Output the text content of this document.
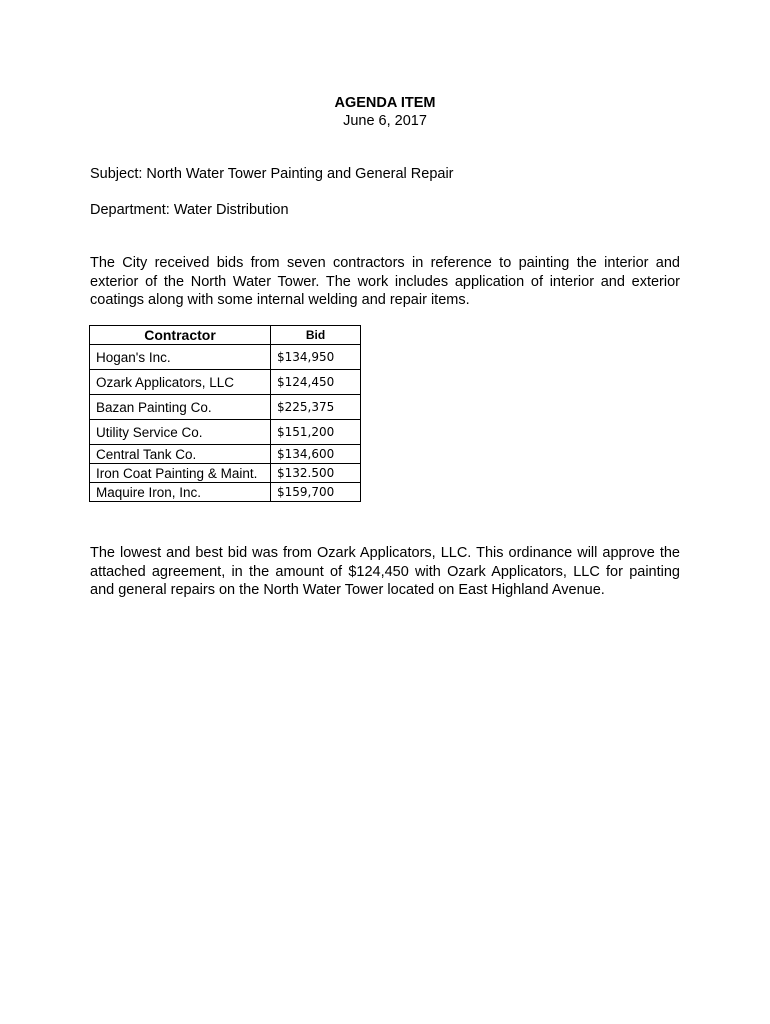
AGENDA ITEM
June 6, 2017
Subject: North Water Tower Painting and General Repair
Department: Water Distribution
The City received bids from seven contractors in reference to painting the interior and exterior of the North Water Tower. The work includes application of interior and exterior coatings along with some internal welding and repair items.
Contractor	Bid
Hogan's Inc.	$134,950
Ozark Applicators, LLC	$124,450
Bazan Painting Co.	$225,375
Utility Service Co.	$151,200
Central Tank Co.	$134,600
Iron Coat Painting & Maint.	$132.500
Maquire Iron, Inc.	$159,700
The lowest and best bid was from Ozark Applicators, LLC. This ordinance will approve the attached agreement, in the amount of $124,450 with Ozark Applicators, LLC for painting and general repairs on the North Water Tower located on East Highland Avenue.
